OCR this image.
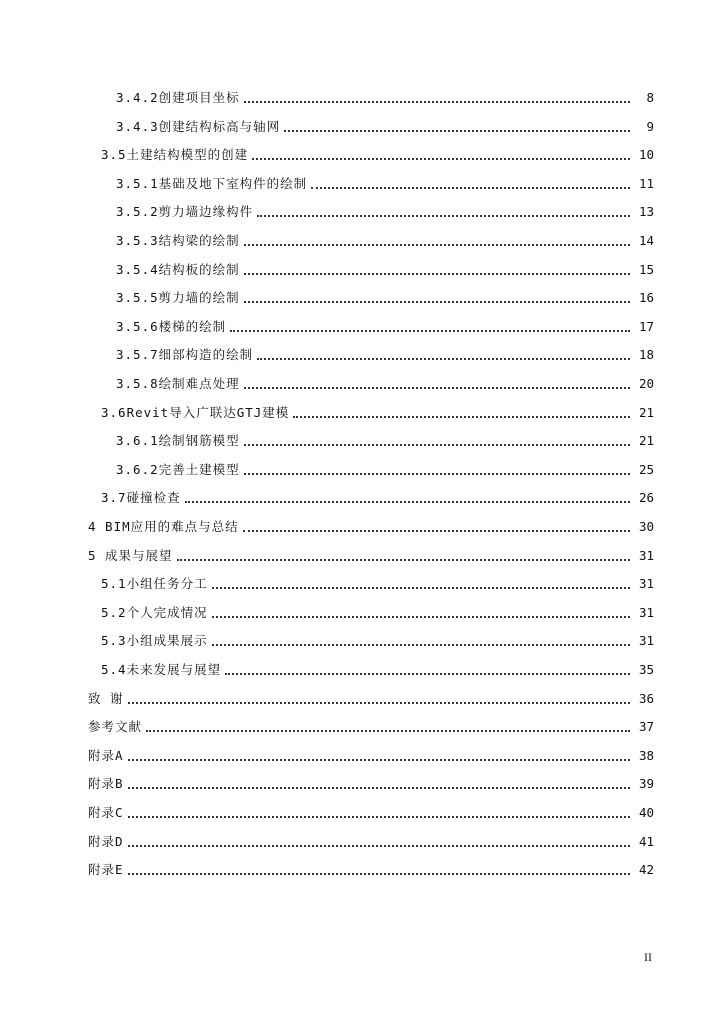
3.4.2创建项目坐标	8
3.4.3创建结构标高与轴网	9
3.5土建结构模型的创建	10
3.5.1基础及地下室构件的绘制	11
3.5.2剪力墙边缘构件	13
3.5.3结构梁的绘制	14
3.5.4结构板的绘制	15
3.5.5剪力墙的绘制	16
3.5.6楼梯的绘制	17
3.5.7细部构造的绘制	18
3.5.8绘制难点处理	20
3.6Revit导入广联达GTJ建模	21
3.6.1绘制钢筋模型	21
3.6.2完善土建模型	25
3.7碰撞检查	26
4 BIM应用的难点与总结	30
5 成果与展望	31
5.1小组任务分工	31
5.2个人完成情况	31
5.3小组成果展示	31
5.4未来发展与展望	35
致 谢	36
参考文献	37
附录A	38
附录B	39
附录C	40
附录D	41
附录E	42
II
